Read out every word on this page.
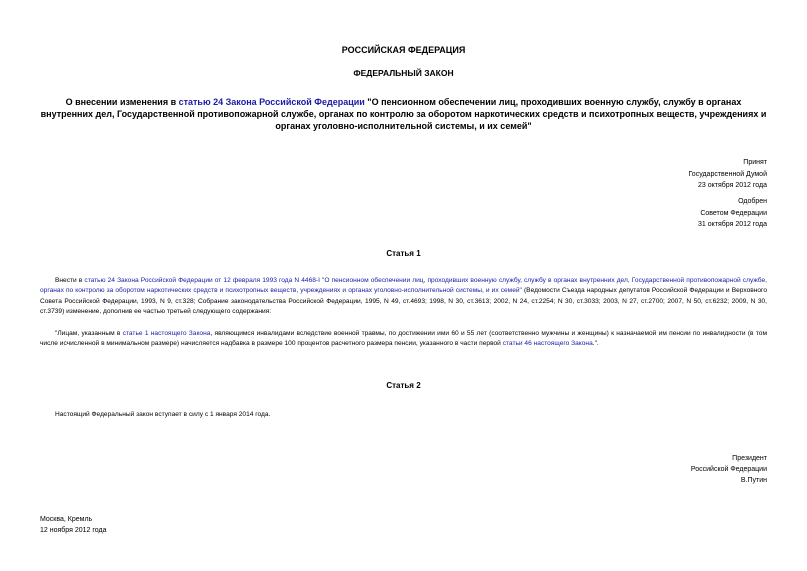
РОССИЙСКАЯ ФЕДЕРАЦИЯ
ФЕДЕРАЛЬНЫЙ ЗАКОН
О внесении изменения в статью 24 Закона Российской Федерации "О пенсионном обеспечении лиц, проходивших военную службу, службу в органах внутренних дел, Государственной противопожарной службе, органах по контролю за оборотом наркотических средств и психотропных веществ, учреждениях и органах уголовно-исполнительной системы, и их семей"
Принят
Государственной Думой
23 октября 2012 года
Одобрен
Советом Федерации
31 октября 2012 года
Статья 1
Внести в статью 24 Закона Российской Федерации от 12 февраля 1993 года N 4468-I "О пенсионном обеспечении лиц, проходивших военную службу, службу в органах внутренних дел, Государственной противопожарной службе, органах по контролю за оборотом наркотических средств и психотропных веществ, учреждениях и органах уголовно-исполнительной системы, и их семей" (Ведомости Съезда народных депутатов Российской Федерации и Верховного Совета Российской Федерации, 1993, N 9, ст.328; Собрание законодательства Российской Федерации, 1995, N 49, ст.4693; 1998, N 30, ст.3613; 2002, N 24, ст.2254; N 30, ст.3033; 2003, N 27, ст.2700; 2007, N 50, ст.6232; 2009, N 30, ст.3739) изменение, дополнив ее частью третьей следующего содержания:
"Лицам, указанным в статье 1 настоящего Закона, являющимся инвалидами вследствие военной травмы, по достижении ими 60 и 55 лет (соответственно мужчины и женщины) к назначаемой им пенсии по инвалидности (в том числе исчисленной в минимальном размере) начисляется надбавка в размере 100 процентов расчетного размера пенсии, указанного в части первой статьи 46 настоящего Закона.".
Статья 2
Настоящий Федеральный закон вступает в силу с 1 января 2014 года.
Президент
Российской Федерации
В.Путин
Москва, Кремль
12 ноября 2012 года
